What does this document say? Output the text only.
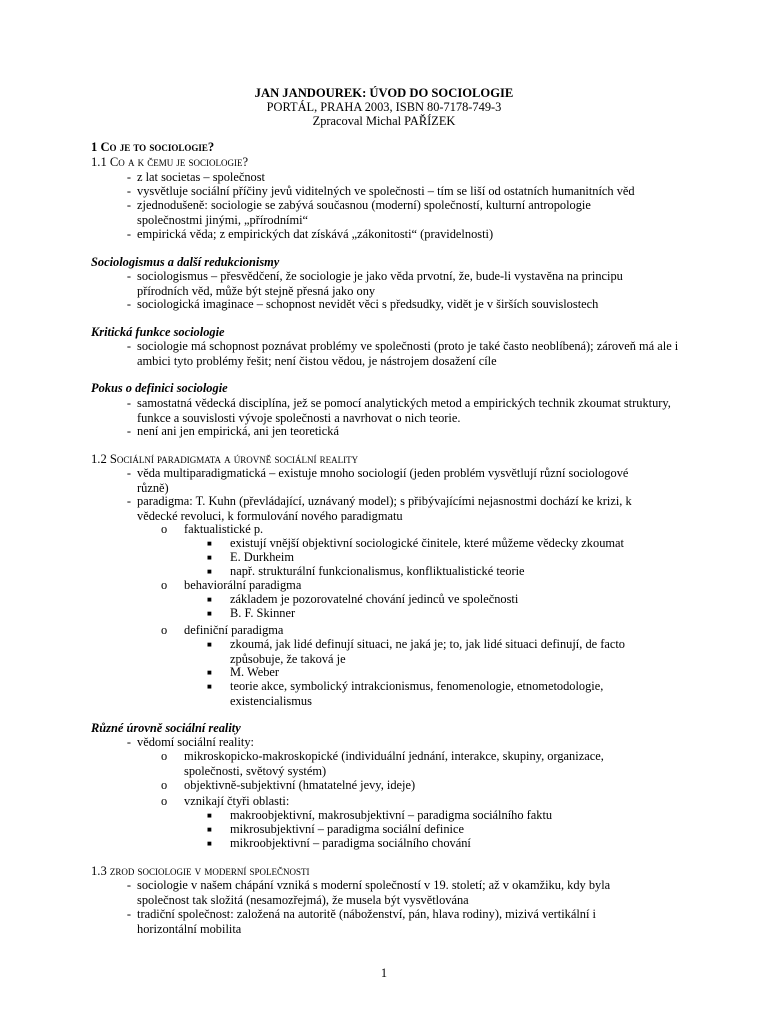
JAN JANDOUREK: ÚVOD DO SOCIOLOGIE
PORTÁL, PRAHA 2003, ISBN 80-7178-749-3
Zpracoval Michal PAŘÍZEK
1 Co je to sociologie?
1.1 Co a k čemu je sociologie?
- z lat societas – společnost
- vysvětluje sociální příčiny jevů viditelných ve společnosti – tím se liší od ostatních humanitních věd
- zjednodušeně: sociologie se zabývá současnou (moderní) společností, kulturní antropologie společnostmi jinými, „přírodními“
- empirická věda; z empirických dat získává „zákonitosti“ (pravidelnosti)
Sociologismus a další redukcionismy
- sociologismus – přesvědčení, že sociologie je jako věda prvotní, že, bude-li vystavěna na principu přírodních věd, může být stejně přesná jako ony
- sociologická imaginace – schopnost nevidět věci s předsudky, vidět je v širších souvislostech
Kritická funkce sociologie
- sociologie má schopnost poznávat problémy ve společnosti (proto je také často neoblíbená); zároveň má ale i ambici tyto problémy řešit; není čistou vědou, je nástrojem dosažení cíle
Pokus o definici sociologie
- samostatná vědecká disciplína, jež se pomocí analytických metod a empirických technik zkoumat struktury, funkce a souvislosti vývoje společnosti a navrhovat o nich teorie.
- není ani jen empirická, ani jen teoretická
1.2 Sociální paradigmata a úrovně sociální reality
- věda multiparadigmatická – existuje mnoho sociologií (jeden problém vysvětlují různí sociologové různě)
- paradigma: T. Kuhn (převládající, uznávaný model); s přibývajícími nejasnostmi dochází ke krizi, k vědecké revoluci, k formulování nového paradigmatu
o faktualistické p.
■ existují vnější objektivní sociologické činitele, které můžeme vědecky zkoumat
■ E. Durkheim
■ např. strukturální funkcionalismus, konfliktualistické teorie
o behaviorální paradigma
■ základem je pozorovatelné chování jedinců ve společnosti
■ B. F. Skinner
o definiční paradigma
■ zkoumá, jak lidé definují situaci, ne jaká je; to, jak lidé situaci definují, de facto způsobuje, že taková je
■ M. Weber
■ teorie akce, symbolický intrakcionismus, fenomenologie, etnometodologie, existencialismus
Různé úrovně sociální reality
- vědomí sociální reality:
o mikroskopicko-makroskopické (individuální jednání, interakce, skupiny, organizace, společnosti, světový systém)
o objektivně-subjektivní (hmatatelné jevy, ideje)
o vznikají čtyři oblasti:
■ makroobjektivní, makrosubjektivní – paradigma sociálního faktu
■ mikrosubjektivní – paradigma sociální definice
■ mikroobjektivní – paradigma sociálního chování
1.3 zrod sociologie v moderní společnosti
- sociologie v našem chápání vzniká s moderní společností v 19. století; až v okamžiku, kdy byla společnost tak složitá (nesamozřejmá), že musela být vysvětlována
- tradiční společnost: založená na autoritě (náboženství, pán, hlava rodiny), mizivá vertikální i horizontální mobilita
1
